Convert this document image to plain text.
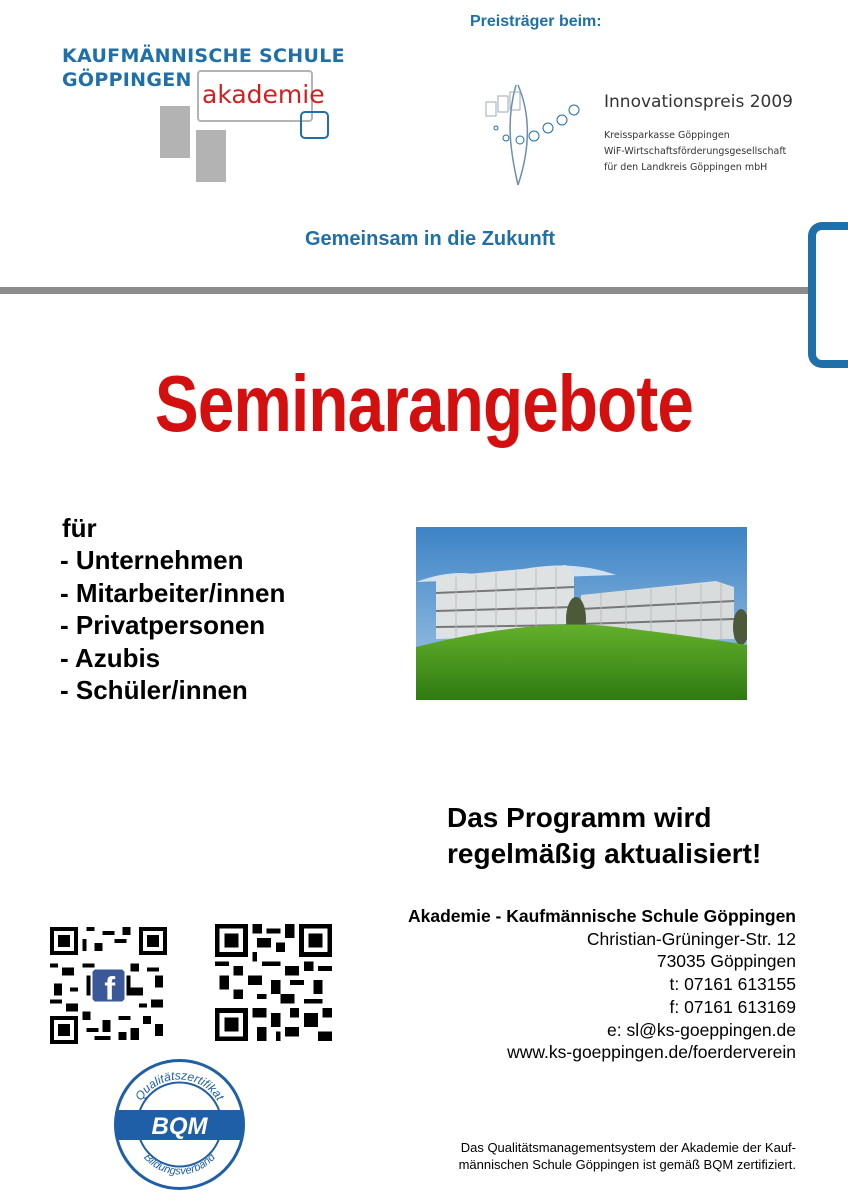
KAUFMÄNNISCHE SCHULE
GÖPPINGEN akademie
Preisträger beim:
Innovationspreis 2009
Kreissparkasse Göppingen
WiF-Wirtschaftsförderungsgesellschaft
für den Landkreis Göppingen mbH
Gemeinsam in die Zukunft
Seminarangebote
für
- Unternehmen
- Mitarbeiter/innen
- Privatpersonen
- Azubis
- Schüler/innen
Das Programm wird
regelmäßig aktualisiert!
f
Akademie - Kaufmännische Schule Göppingen
Christian-Grüninger-Str. 12
73035 Göppingen
t: 07161 613155
f: 07161 613169
e: sl@ks-goeppingen.de
www.ks-goeppingen.de/foerderverein
Qualitätszertifikat
BQM
Bildungsverband
Das Qualitätsmanagementsystem der Akademie der Kauf-
männischen Schule Göppingen ist gemäß BQM zertifiziert.
